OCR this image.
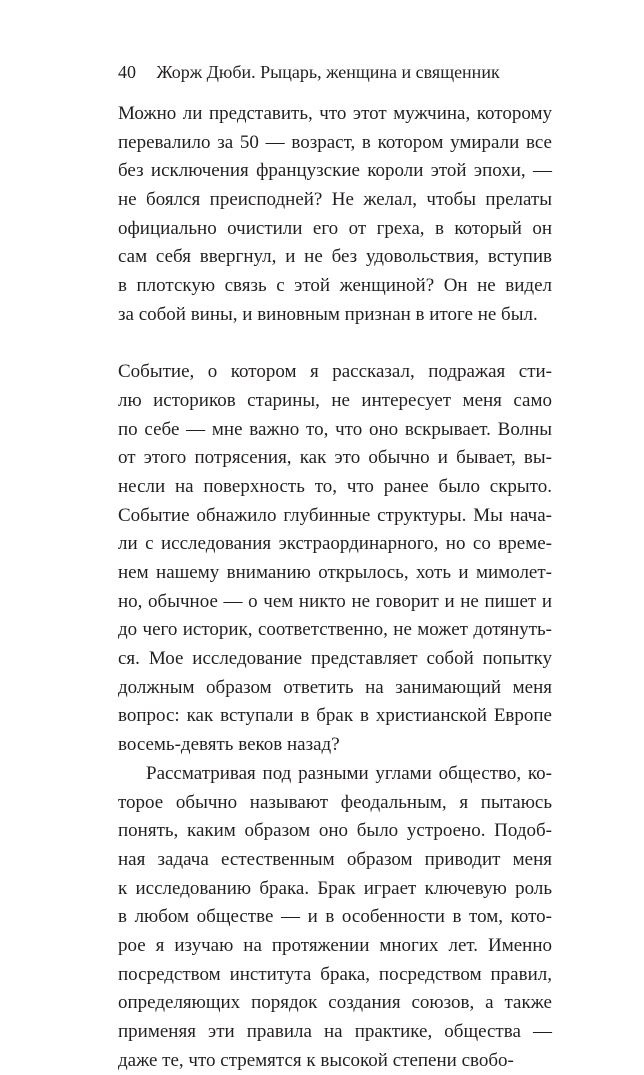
40 Жорж Дюби. Рыцарь, женщина и священник
Можно ли представить, что этот мужчина, которому
перевалило за 50 — возраст, в котором умирали все
без исключения французские короли этой эпохи, —
не боялся преисподней? Не желал, чтобы прелаты
официально очистили его от греха, в который он
сам себя ввергнул, и не без удовольствия, вступив
в плотскую связь с этой женщиной? Он не видел
за собой вины, и виновным признан в итоге не был.
Событие, о котором я рассказал, подражая сти-
лю историков старины, не интересует меня само
по себе — мне важно то, что оно вскрывает. Волны
от этого потрясения, как это обычно и бывает, вы-
несли на поверхность то, что ранее было скрыто.
Событие обнажило глубинные структуры. Мы нача-
ли с исследования экстраординарного, но со време-
нем нашему вниманию открылось, хоть и мимолет-
но, обычное — о чем никто не говорит и не пишет и
до чего историк, соответственно, не может дотянуть-
ся. Мое исследование представляет собой попытку
должным образом ответить на занимающий меня
вопрос: как вступали в брак в христианской Европе
восемь-девять веков назад?
Рассматривая под разными углами общество, ко-
торое обычно называют феодальным, я пытаюсь
понять, каким образом оно было устроено. Подоб-
ная задача естественным образом приводит меня
к исследованию брака. Брак играет ключевую роль
в любом обществе — и в особенности в том, кото-
рое я изучаю на протяжении многих лет. Именно
посредством института брака, посредством правил,
определяющих порядок создания союзов, а также
применяя эти правила на практике, общества —
даже те, что стремятся к высокой степени свобо-
